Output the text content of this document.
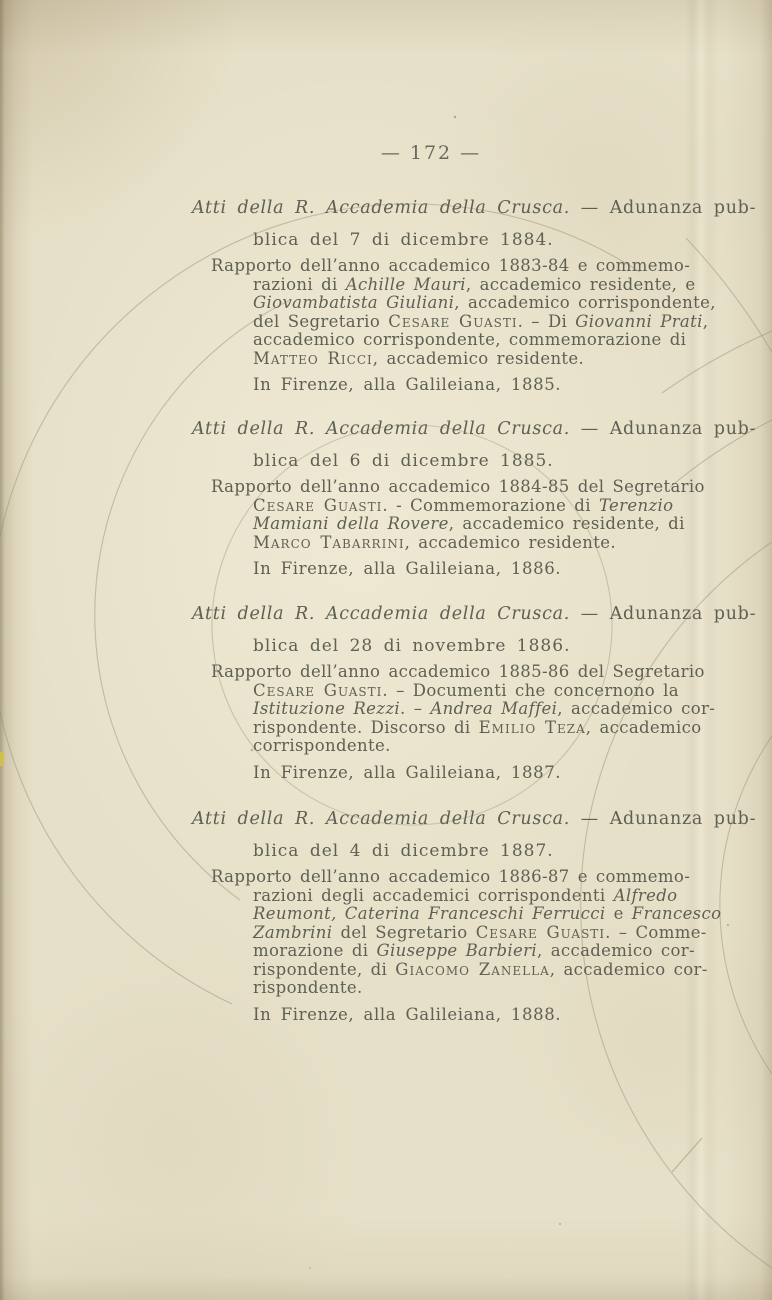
— 172 —
Atti della R. Accademia della Crusca. — Adunanza pub-
blica del 7 di dicembre 1884.
Rapporto dell’anno accademico 1883-84 e commemo-
razioni di Achille Mauri, accademico residente, e
Giovambatista Giuliani, accademico corrispondente,
del Segretario Cesare Guasti. – Di Giovanni Prati,
accademico corrispondente, commemorazione di
Matteo Ricci, accademico residente.
In Firenze, alla Galileiana, 1885.
Atti della R. Accademia della Crusca. — Adunanza pub-
blica del 6 di dicembre 1885.
Rapporto dell’anno accademico 1884-85 del Segretario
Cesare Guasti. - Commemorazione di Terenzio
Mamiani della Rovere, accademico residente, di
Marco Tabarrini, accademico residente.
In Firenze, alla Galileiana, 1886.
Atti della R. Accademia della Crusca. — Adunanza pub-
blica del 28 di novembre 1886.
Rapporto dell’anno accademico 1885-86 del Segretario
Cesare Guasti. – Documenti che concernono la
Istituzione Rezzi. – Andrea Maffei, accademico cor-
rispondente. Discorso di Emilio Teza, accademico
corrispondente.
In Firenze, alla Galileiana, 1887.
Atti della R. Accademia della Crusca. — Adunanza pub-
blica del 4 di dicembre 1887.
Rapporto dell’anno accademico 1886-87 e commemo-
razioni degli accademici corrispondenti Alfredo
Reumont, Caterina Franceschi Ferrucci e Francesco
Zambrini del Segretario Cesare Guasti. – Comme-
morazione di Giuseppe Barbieri, accademico cor-
rispondente, di Giacomo Zanella, accademico cor-
rispondente.
In Firenze, alla Galileiana, 1888.
